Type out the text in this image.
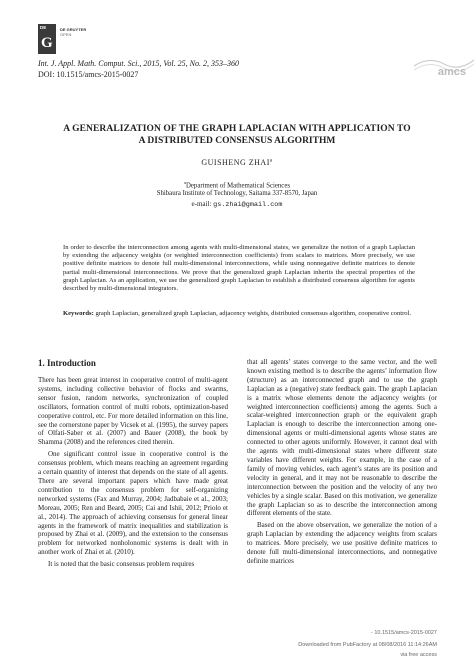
DE
G
DE GRUYTER
OPEN
Int. J. Appl. Math. Comput. Sci., 2015, Vol. 25, No. 2, 353–360
DOI: 10.1515/amcs-2015-0027	amcs
A GENERALIZATION OF THE GRAPH LAPLACIAN WITH APPLICATION TO
A DISTRIBUTED CONSENSUS ALGORITHM
GUISHENG ZHAI$^a$
$^a$Department of Mathematical Sciences
Shibaura Institute of Technology, Saitama 337-8570, Japan
e-mail: gs.zhai@gmail.com
In order to describe the interconnection among agents with multi-dimensional states, we generalize the notion of a graph Laplacian by extending the adjacency weights (or weighted interconnection coefficients) from scalars to matrices. More precisely, we use positive definite matrices to denote full multi-dimensional interconnections, while using nonnegative definite matrices to denote partial multi-dimensional interconnections. We prove that the generalized graph Laplacian inherits the spectral properties of the graph Laplacian. As an application, we use the generalized graph Laplacian to establish a distributed consensus algorithm for agents described by multi-dimensional integrators.
Keywords: graph Laplacian, generalized graph Laplacian, adjacency weights, distributed consensus algorithm, cooperative control.
1. Introduction

There has been great interest in cooperative control of multi-agent systems, including collective behavior of flocks and swarms, sensor fusion, random networks, synchronization of coupled oscillators, formation control of multi robots, optimization-based cooperative control, etc. For more detailed information on this line, see the cornerstone paper by Vicsek et al. (1995), the survey papers of Olfati-Saber et al. (2007) and Bauer (2008), the book by Shamma (2008) and the references cited therein.

One significant control issue in cooperative control is the consensus problem, which means reaching an agreement regarding a certain quantity of interest that depends on the state of all agents. There are several important papers which have made great contribution to the consensus problem for self-organizing networked systems (Fax and Murray, 2004; Jadbabaie et al., 2003; Moreau, 2005; Ren and Beard, 2005; Cai and Ishii, 2012; Priolo et al., 2014). The approach of achieving consensus for general linear agents in the framework of matrix inequalities and stabilization is proposed by Zhai et al. (2009), and the extension to the consensus problem for networked nonholonomic systems is dealt with in another work of Zhai et al. (2010).

It is noted that the basic consensus problem requires

that all agents’ states converge to the same vector, and the well known existing method is to describe the agents’ information flow (structure) as an interconnected graph and to use the graph Laplacian as a (negative) state feedback gain. The graph Laplacian is a matrix whose elements denote the adjacency weights (or weighted interconnection coefficients) among the agents. Such a scalar-weighted interconnection graph or the equivalent graph Laplacian is enough to describe the interconnection among one-dimensional agents or multi-dimensional agents whose states are connected to other agents uniformly. However, it cannot deal with the agents with multi-dimensional states where different state variables have different weights. For example, in the case of a family of moving vehicles, each agent’s states are its position and velocity in general, and it may not be reasonable to describe the interconnection between the position and the velocity of any two vehicles by a single scalar. Based on this motivation, we generalize the graph Laplacian so as to describe the interconnection among different elements of the state.

Based on the above observation, we generalize the notion of a graph Laplacian by extending the adjacency weights from scalars to matrices. More precisely, we use positive definite matrices to denote full multi-dimensional interconnections, and nonnegative definite matrices

- 10.1515/amcs-2015-0027
Downloaded from PubFactory at 08/08/2016 11:14:26AM
via free access
